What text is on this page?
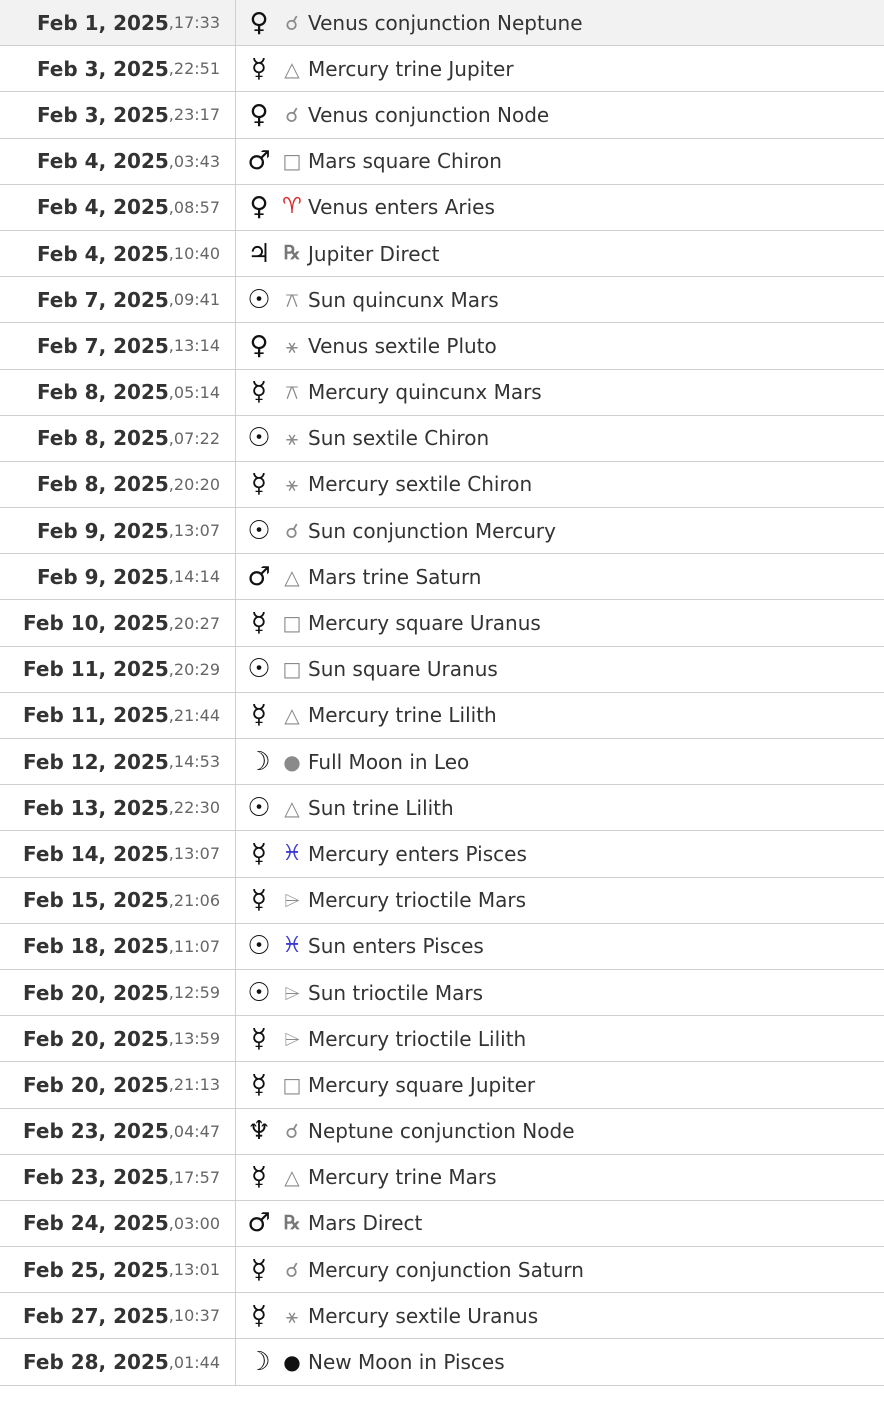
Feb 1, 2025 , 17:33 ♀ ☌ Venus conjunction Neptune
Feb 3, 2025 , 22:51	☿ △ Mercury trine Jupiter
Feb 3, 2025 , 23:17 ♀ ☌ Venus conjunction Node
Feb 4, 2025 , 03:43 ♂ □ Mars square Chiron
Feb 4, 2025 , 08:57 ♀ ♈ Venus enters Aries
Feb 4, 2025 , 10:40 ♃ ℞ Jupiter Direct
Feb 7, 2025 , 09:41 ☉ ⚻ Sun quincunx Mars
Feb 7, 2025 , 13:14 ♀ ⚹ Venus sextile Pluto
Feb 8, 2025 , 05:14	☿ ⚻ Mercury quincunx Mars
Feb 8, 2025 , 07:22 ☉ ⚹ Sun sextile Chiron
Feb 8, 2025 , 20:20	☿ ⚹ Mercury sextile Chiron
Feb 9, 2025 , 13:07 ☉ ☌ Sun conjunction Mercury
Feb 9, 2025 , 14:14 ♂ △ Mars trine Saturn
Feb 10, 2025 , 20:27	☿ □ Mercury square Uranus
Feb 11, 2025 , 20:29 ☉ □ Sun square Uranus
Feb 11, 2025 , 21:44	☿ △ Mercury trine Lilith
Feb 12, 2025 , 14:53 ☽ ● Full Moon in Leo
Feb 13, 2025 , 22:30 ☉ △ Sun trine Lilith
Feb 14, 2025 , 13:07	☿ ♓ Mercury enters Pisces
Feb 15, 2025 , 21:06	☿ ⌲ Mercury trioctile Mars
Feb 18, 2025 , 11:07 ☉ ♓ Sun enters Pisces
Feb 20, 2025 , 12:59 ☉ ⌲ Sun trioctile Mars
Feb 20, 2025 , 13:59	☿ ⌲ Mercury trioctile Lilith
Feb 20, 2025 , 21:13	☿ □ Mercury square Jupiter
Feb 23, 2025 , 04:47 ♆ ☌ Neptune conjunction Node
Feb 23, 2025 , 17:57	☿ △ Mercury trine Mars
Feb 24, 2025 , 03:00 ♂ ℞ Mars Direct
Feb 25, 2025 , 13:01	☿ ☌ Mercury conjunction Saturn
Feb 27, 2025 , 10:37	☿ ⚹ Mercury sextile Uranus
Feb 28, 2025 , 01:44 ☽ ● New Moon in Pisces
